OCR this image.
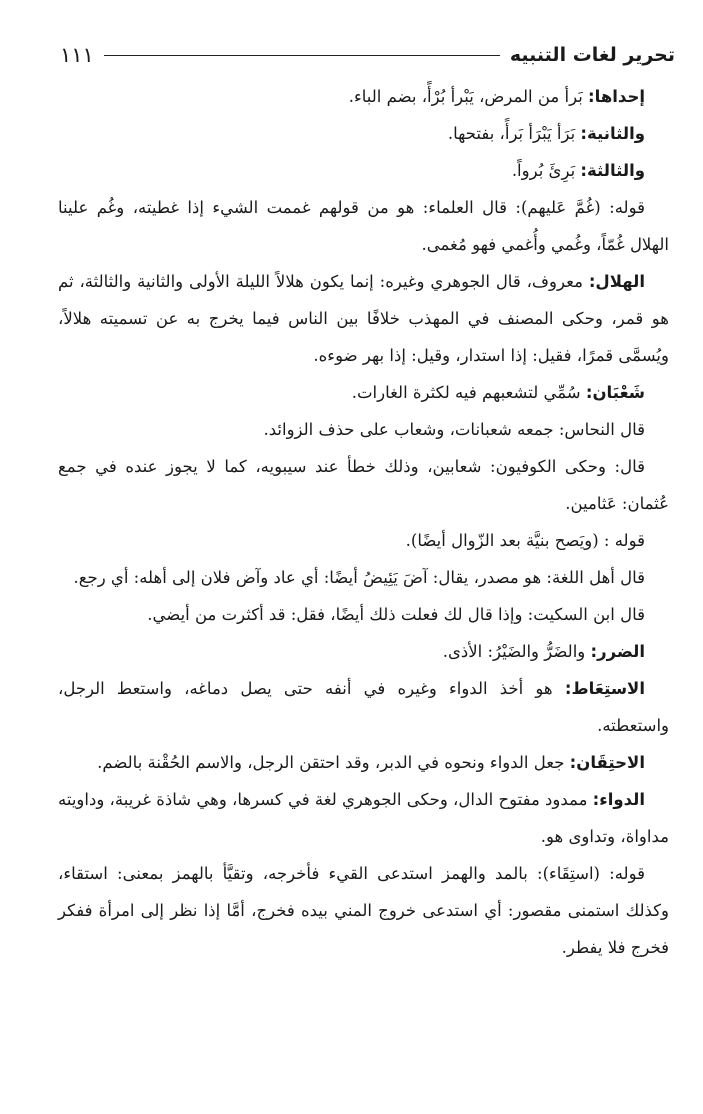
تحرير لغات التنبيه
١١١

إحداها: بَرأ من المرض، يَبْرأ بُرْأً، بضم الباء.

والثانية: بَرَأ يَبْرَأ بَرأً، بفتحها.

والثالثة: بَرِئَ بُرواً.

قوله: (غُمَّ عَليهم): قال العلماء: هو من قولهم غممت الشيء إذا غطيته، وغُم علينا الهلال غُمّاً، وغُمي وأُغمي فهو مُغمى.

الهلال: معروف، قال الجوهري وغيره: إنما يكون هلالاً الليلة الأولى والثانية والثالثة، ثم هو قمر، وحكى المصنف في المهذب خلافًا بين الناس فيما يخرج به عن تسميته هلالاً، ويُسمَّى قمرًا، فقيل: إذا استدار، وقيل: إذا بهر ضوءه.

شَعْبَان: سُمِّي لتشعبهم فيه لكثرة الغارات.

قال النحاس: جمعه شعبانات، وشعاب على حذف الزوائد.

قال: وحكى الكوفيون: شعابين، وذلك خطأ عند سيبويه، كما لا يجوز عنده في جمع عُثمان: عَثامين.

قوله : (ويَصح بنيَّة بعد الزّوال أيضًا).

قال أهل اللغة: هو مصدر، يقال: آضَ يَئِيضُ أيضًا: أي عاد وآض فلان إلى أهله: أي رجع.

قال ابن السكيت: وإذا قال لك فعلت ذلك أيضًا، فقل: قد أكثرت من أيضي.

الضرر: والضَرُّ والضَيْرُ: الأذى.

الاستِعَاط: هو أخذ الدواء وغيره في أنفه حتى يصل دماغه، واستعط الرجل، واستعطته.

الاحتِقَان: جعل الدواء ونحوه في الدبر، وقد احتقن الرجل، والاسم الحُقْنة بالضم.

الدواء: ممدود مفتوح الدال، وحكى الجوهري لغة في كسرها، وهي شاذة غريبة، وداويته مداواة، وتداوى هو.

قوله: (استِقَاء): بالمد والهمز استدعى القيء فأخرجه، وتقيَّأ بالهمز بمعنى: استقاء، وكذلك استمنى مقصور: أي استدعى خروج المني بيده فخرج، أمَّا إذا نظر إلى امرأة ففكر فخرج فلا يفطر.
